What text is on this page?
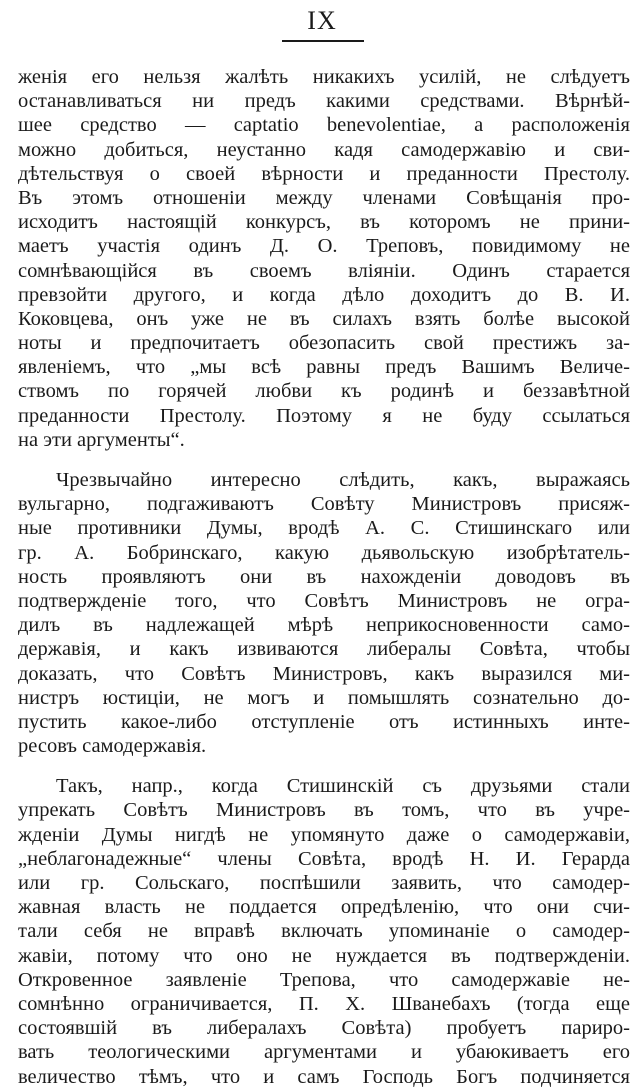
IX
женія его нельзя жалѣть никакихъ усилій, не слѣдуетъ
останавливаться ни предъ какими средствами. Вѣрнѣй-
шее средство — captatio benevolentiae, а расположенія
можно добиться, неустанно кадя самодержавію и сви-
дѣтельствуя о своей вѣрности и преданности Престолу.
Въ этомъ отношеніи между членами Совѣщанія про-
исходитъ настоящій конкурсъ, въ которомъ не прини-
маетъ участія одинъ Д. О. Треповъ, повидимому не
сомнѣвающійся въ своемъ вліяніи. Одинъ старается
превзойти другого, и когда дѣло доходитъ до В. И.
Коковцева, онъ уже не въ силахъ взять болѣе высокой
ноты и предпочитаетъ обезопасить свой престижъ за-
явленіемъ, что „мы всѣ равны предъ Вашимъ Величе-
ствомъ по горячей любви къ родинѣ и беззавѣтной
преданности Престолу. Поэтому я не буду ссылаться
на эти аргументы“.
Чрезвычайно интересно слѣдить, какъ, выражаясь
вульгарно, подгаживаютъ Совѣту Министровъ присяж-
ные противники Думы, вродѣ А. С. Стишинскаго или
гр. А. Бобринскаго, какую дьявольскую изобрѣтатель-
ность проявляютъ они въ нахожденіи доводовъ въ
подтвержденіе того, что Совѣтъ Министровъ не огра-
дилъ въ надлежащей мѣрѣ неприкосновенности само-
державія, и какъ извиваются либералы Совѣта, чтобы
доказать, что Совѣтъ Министровъ, какъ выразился ми-
нистръ юстиціи, не могъ и помышлять сознательно до-
пустить какое-либо отступленіе отъ истинныхъ инте-
ресовъ самодержавія.
Такъ, напр., когда Стишинскій съ друзьями стали
упрекать Совѣтъ Министровъ въ томъ, что въ учре-
жденіи Думы нигдѣ не упомянуто даже о самодержавіи,
„неблагонадежные“ члены Совѣта, вродѣ Н. И. Герарда
или гр. Сольскаго, поспѣшили заявить, что самодер-
жавная власть не поддается опредѣленію, что они счи-
тали себя не вправѣ включать упоминаніе о самодер-
жавіи, потому что оно не нуждается въ подтвержденіи.
Откровенное заявленіе Трепова, что самодержавіе не-
сомнѣнно ограничивается, П. Х. Шванебахъ (тогда еще
состоявшій въ либералахъ Совѣта) пробуетъ париро-
вать теологическими аргументами и убаюкиваетъ его
величество тѣмъ, что и самъ Господь Богъ подчиняется
